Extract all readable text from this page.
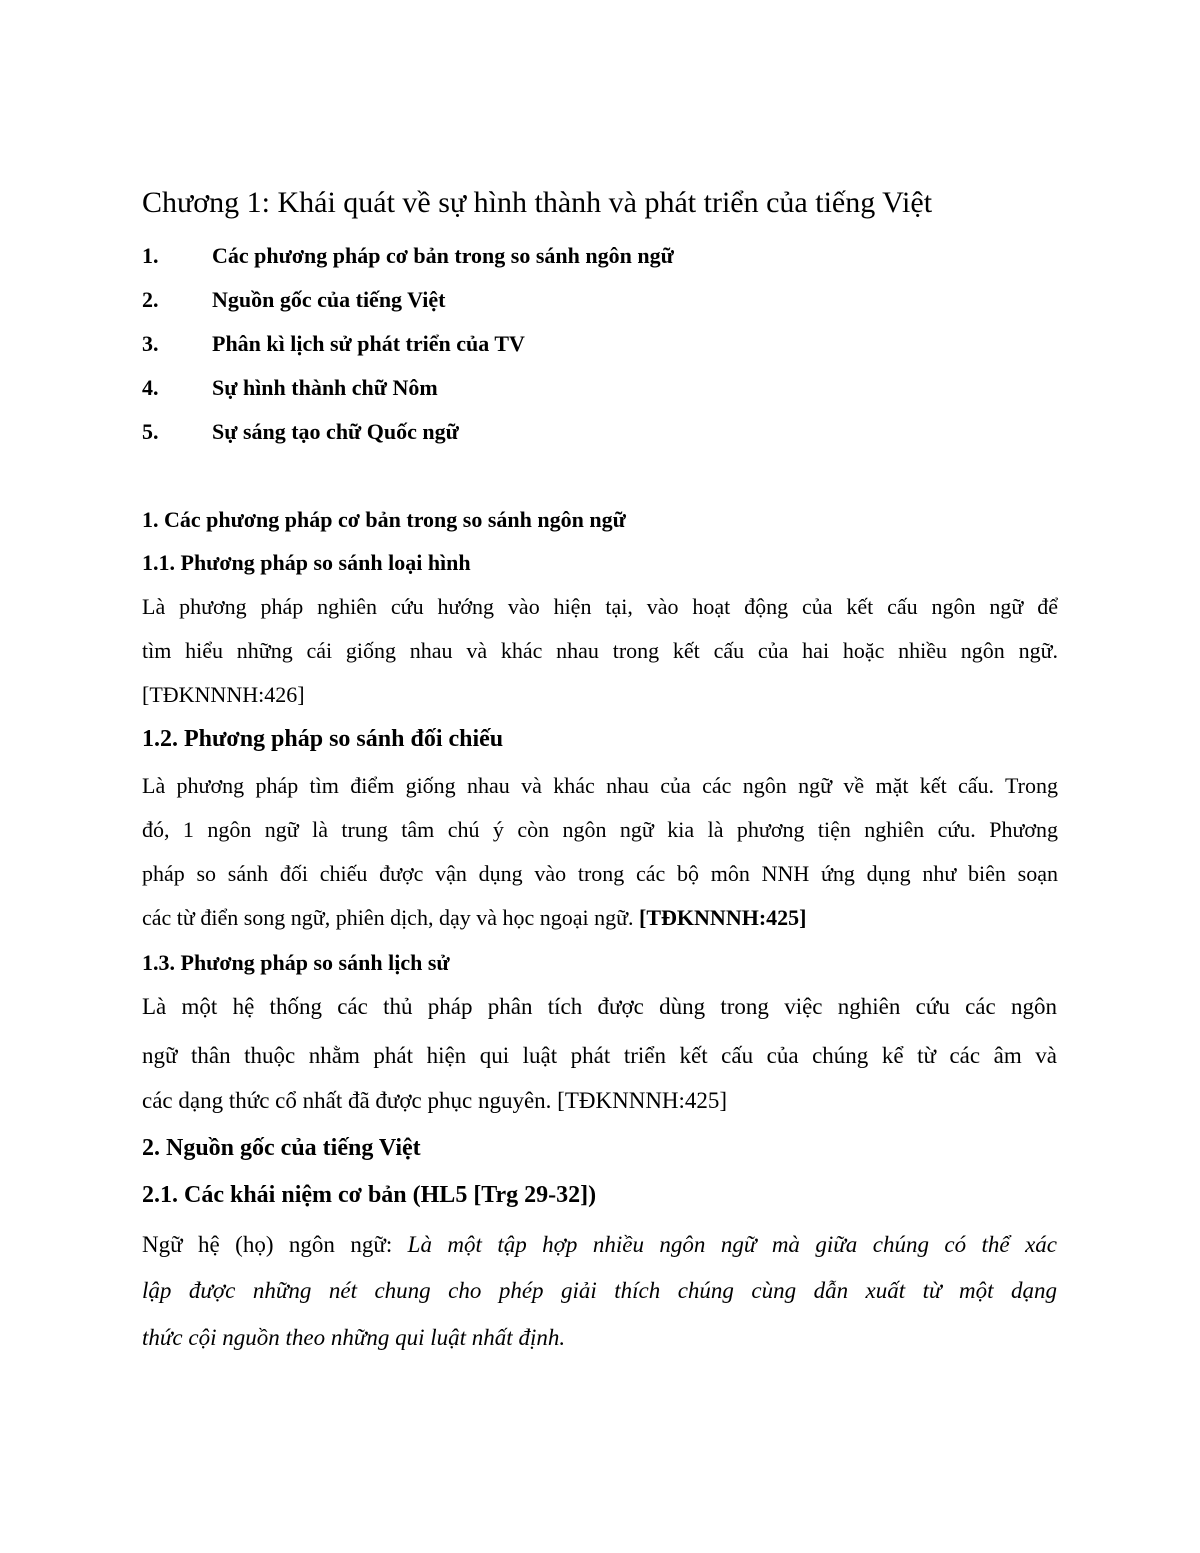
Chương 1: Khái quát về sự hình thành và phát triển của tiếng Việt
1. Các phương pháp cơ bản trong so sánh ngôn ngữ
2. Nguồn gốc của tiếng Việt
3. Phân kì lịch sử phát triển của TV
4. Sự hình thành chữ Nôm
5. Sự sáng tạo chữ Quốc ngữ
1. Các phương pháp cơ bản trong so sánh ngôn ngữ
1.1. Phương pháp so sánh loại hình
Là phương pháp nghiên cứu hướng vào hiện tại, vào hoạt động của kết cấu ngôn ngữ để
tìm hiểu những cái giống nhau và khác nhau trong kết cấu của hai hoặc nhiều ngôn ngữ.
[TĐKNNNH:426]
1.2. Phương pháp so sánh đối chiếu
Là phương pháp tìm điểm giống nhau và khác nhau của các ngôn ngữ về mặt kết cấu. Trong
đó, 1 ngôn ngữ là trung tâm chú ý còn ngôn ngữ kia là phương tiện nghiên cứu. Phương
pháp so sánh đối chiếu được vận dụng vào trong các bộ môn NNH ứng dụng như biên soạn
các từ điển song ngữ, phiên dịch, dạy và học ngoại ngữ. [TĐKNNNH:425]
1.3. Phương pháp so sánh lịch sử
Là một hệ thống các thủ pháp phân tích được dùng trong việc nghiên cứu các ngôn
ngữ thân thuộc nhằm phát hiện qui luật phát triển kết cấu của chúng kể từ các âm và
các dạng thức cổ nhất đã được phục nguyên. [TĐKNNNH:425]
2. Nguồn gốc của tiếng Việt
2.1. Các khái niệm cơ bản (HL5 [Trg 29-32])
Ngữ hệ (họ) ngôn ngữ: Là một tập hợp nhiều ngôn ngữ mà giữa chúng có thể xác
lập được những nét chung cho phép giải thích chúng cùng dẫn xuất từ một dạng
thức cội nguồn theo những qui luật nhất định.
